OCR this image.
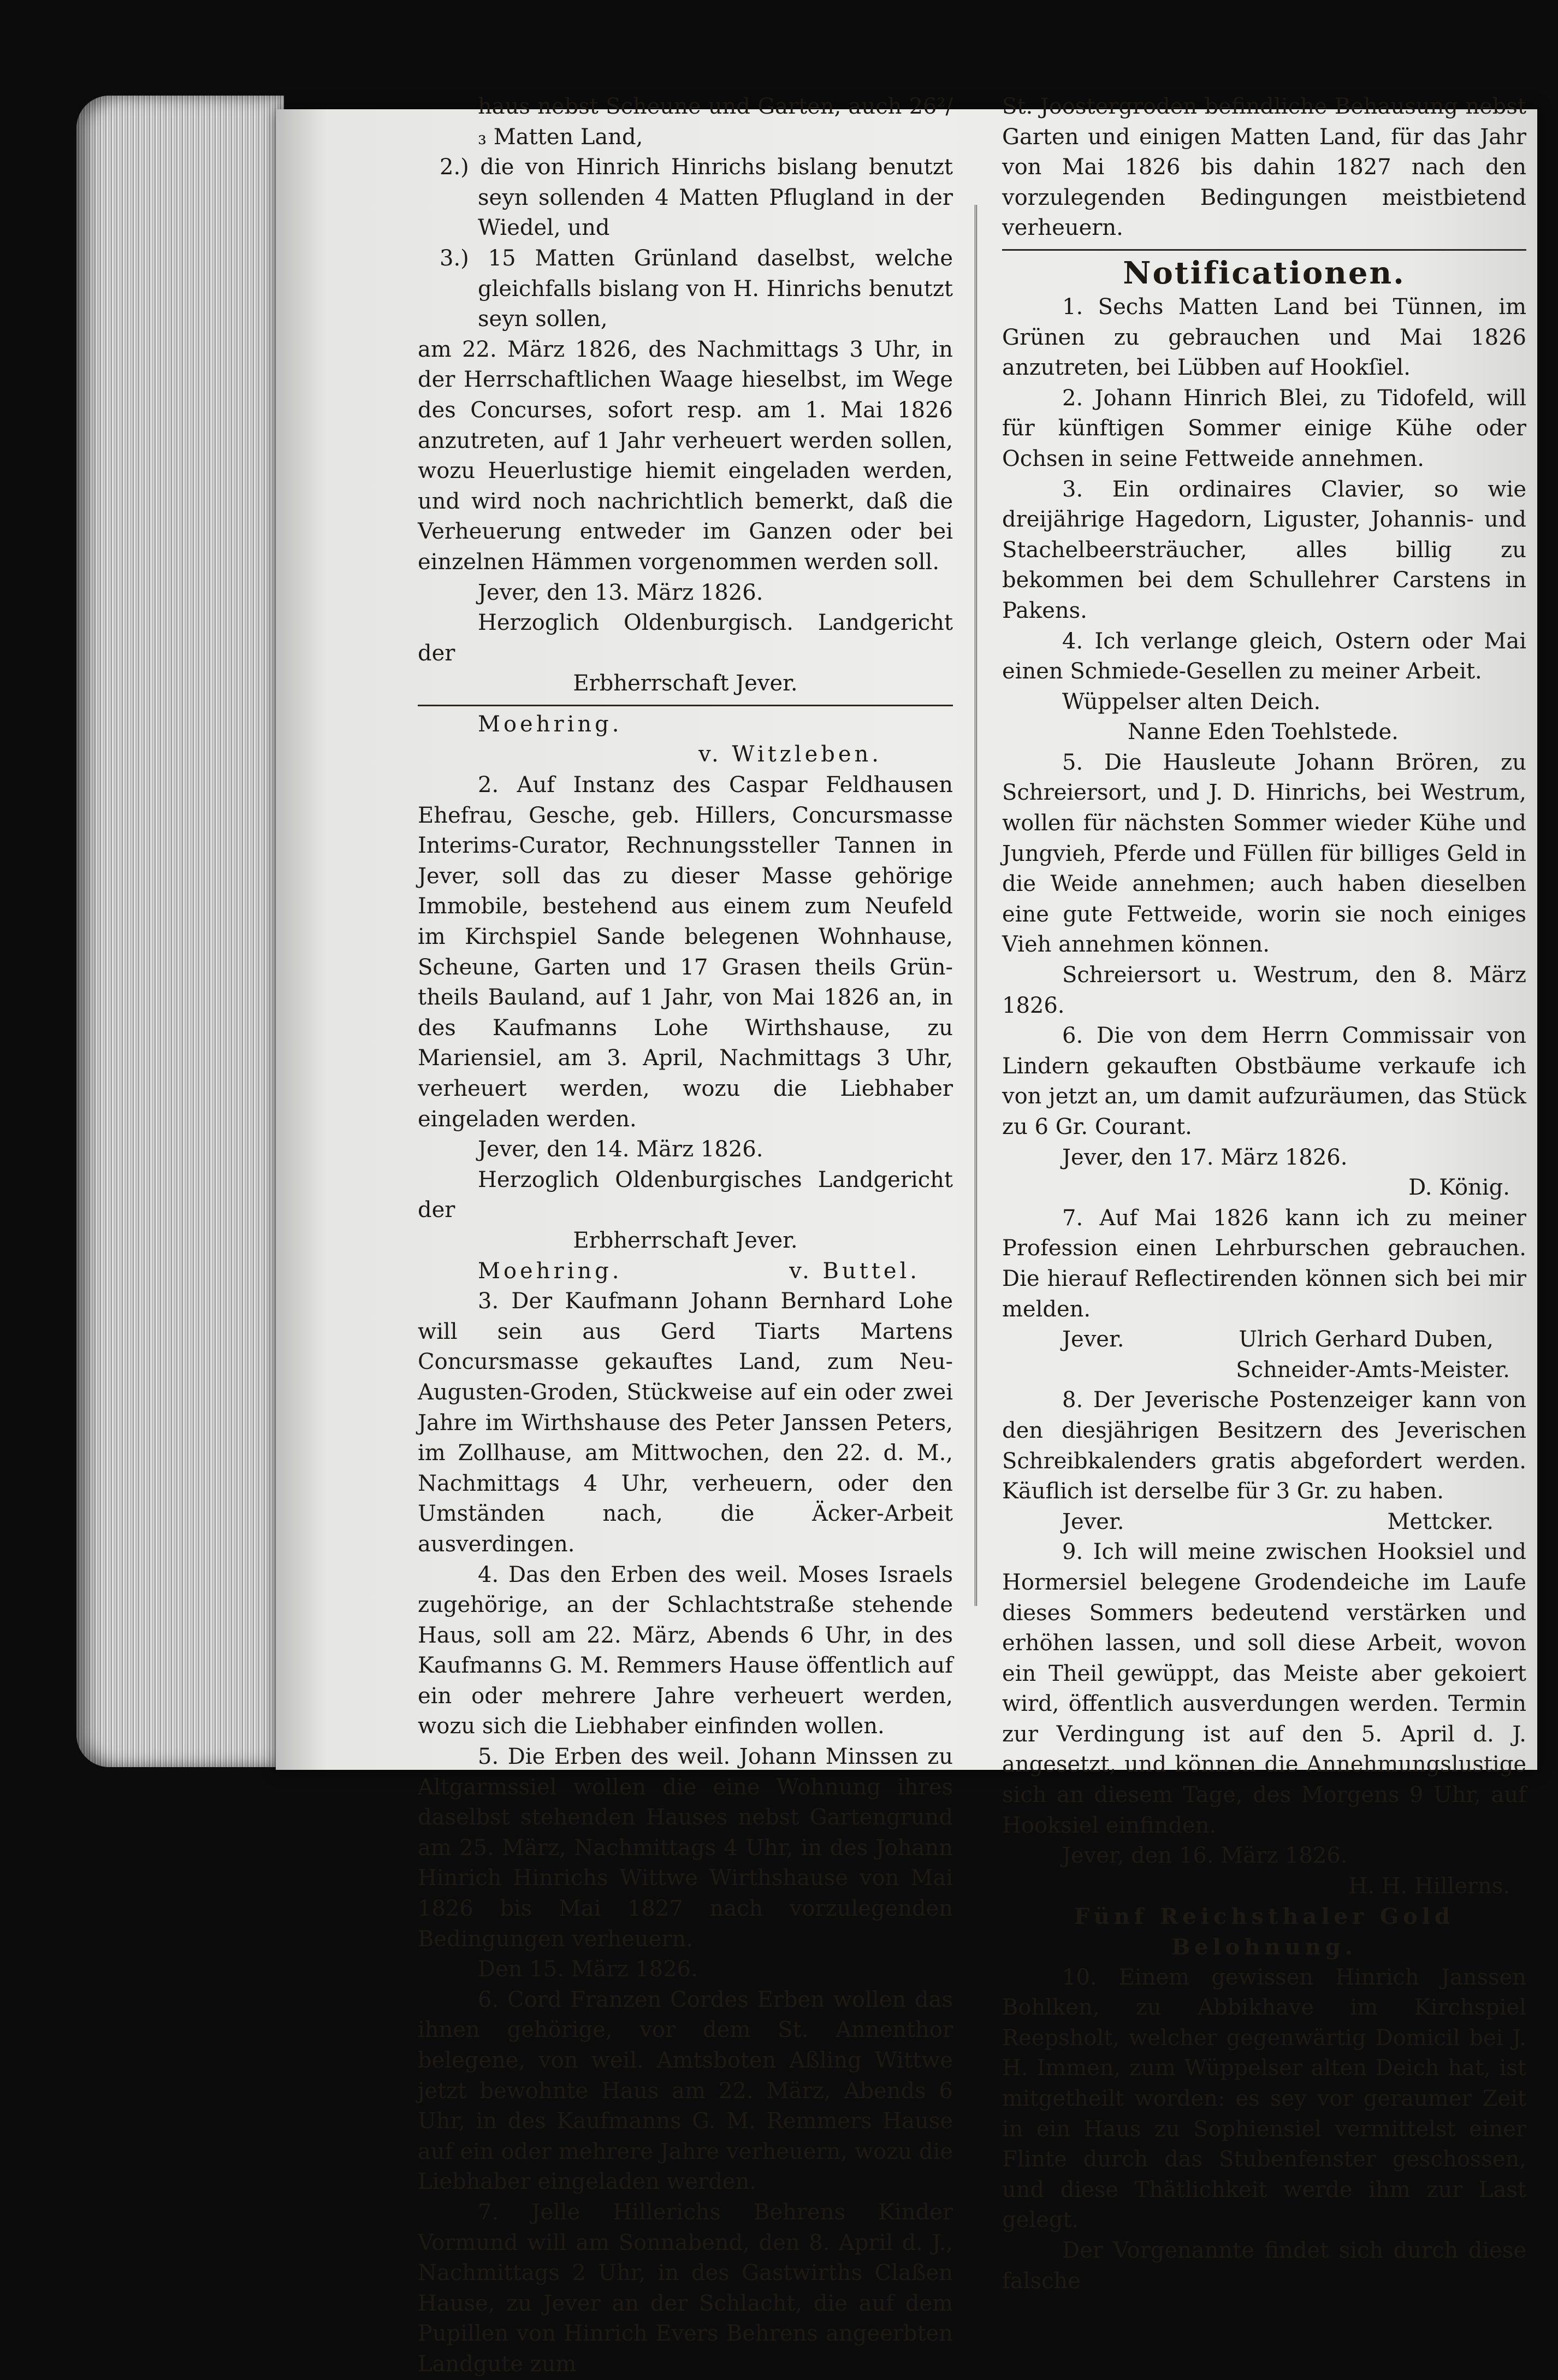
haus nebst Scheune und Garten, auch 26²/₃ Matten Land,

2.) die von Hinrich Hinrichs bislang benutzt seyn sollenden 4 Matten Pflugland in der Wiedel, und

3.) 15 Matten Grünland daselbst, welche gleichfalls bislang von H. Hinrichs benutzt seyn sollen,

am 22. März 1826, des Nachmittags 3 Uhr, in der Herrschaftlichen Waage hieselbst, im Wege des Concurses, sofort resp. am 1. Mai 1826 anzutreten, auf 1 Jahr verheuert werden sollen, wozu Heuerlustige hiemit eingeladen werden, und wird noch nachrichtlich bemerkt, daß die Verheuerung entweder im Ganzen oder bei einzelnen Hämmen vorgenommen werden soll.

Jever, den 13. März 1826.

Herzoglich Oldenburgisch. Landgericht der

Erbherrschaft Jever.

Moehring.

v. Witzleben.

2. Auf Instanz des Caspar Feldhausen Ehefrau, Gesche, geb. Hillers, Concursmasse Interims-Curator, Rechnungssteller Tannen in Jever, soll das zu dieser Masse gehörige Immobile, bestehend aus einem zum Neufeld im Kirchspiel Sande belegenen Wohnhause, Scheune, Garten und 17 Grasen theils Grün- theils Bauland, auf 1 Jahr, von Mai 1826 an, in des Kaufmanns Lohe Wirthshause, zu Mariensiel, am 3. April, Nachmittags 3 Uhr, verheuert werden, wozu die Liebhaber eingeladen werden.

Jever, den 14. März 1826.

Herzoglich Oldenburgisches Landgericht der

Erbherrschaft Jever.

Moehring.	v. Buttel.

3. Der Kaufmann Johann Bernhard Lohe will sein aus Gerd Tiarts Martens Concursmasse gekauftes Land, zum Neu-Augusten-Groden, Stückweise auf ein oder zwei Jahre im Wirthshause des Peter Janssen Peters, im Zollhause, am Mittwochen, den 22. d. M., Nachmittags 4 Uhr, verheuern, oder den Umständen nach, die Äcker-Arbeit ausverdingen.

4. Das den Erben des weil. Moses Israels zugehörige, an der Schlachtstraße stehende Haus, soll am 22. März, Abends 6 Uhr, in des Kaufmanns G. M. Remmers Hause öffentlich auf ein oder mehrere Jahre verheuert werden, wozu sich die Liebhaber einfinden wollen.

5. Die Erben des weil. Johann Minssen zu Altgarmssiel wollen die eine Wohnung ihres daselbst stehenden Hauses nebst Gartengrund am 25. März, Nachmittags 4 Uhr, in des Johann Hinrich Hinrichs Wittwe Wirthshause von Mai 1826 bis Mai 1827 nach vorzulegenden Bedingungen verheuern.

Den 15. März 1826.

6. Cord Franzen Cordes Erben wollen das ihnen gehörige, vor dem St. Annenthor belegene, von weil. Amtsboten Aßling Wittwe jetzt bewohnte Haus am 22. März, Abends 6 Uhr, in des Kaufmanns G. M. Remmers Hause auf ein oder mehrere Jahre verheuern, wozu die Liebhaber eingeladen werden.

7. Jelle Hillerichs Behrens Kinder Vormund will am Sonnabend, den 8. April d. J., Nachmittags 2 Uhr, in des Gastwirths Claßen Hause, zu Jever an der Schlacht, die auf dem Pupillen von Hinrich Evers Behrens angeerbten Landgute zum

St. Joostergroden befindliche Behausung nebst Garten und einigen Matten Land, für das Jahr von Mai 1826 bis dahin 1827 nach den vorzulegenden Bedingungen meistbietend verheuern.

Notificationen.

1. Sechs Matten Land bei Tünnen, im Grünen zu gebrauchen und Mai 1826 anzutreten, bei Lübben auf Hookſiel.

2. Johann Hinrich Blei, zu Tidofeld, will für künftigen Sommer einige Kühe oder Ochsen in seine Fettweide annehmen.

3. Ein ordinaires Clavier, so wie dreijährige Hagedorn, Liguster, Johannis- und Stachelbeersträucher, alles billig zu bekommen bei dem Schullehrer Carstens in Pakens.

4. Ich verlange gleich, Ostern oder Mai einen Schmiede-Gesellen zu meiner Arbeit.

Wüppelser alten Deich.

Nanne Eden Toehlstede.

5. Die Hausleute Johann Brören, zu Schreiersort, und J. D. Hinrichs, bei Westrum, wollen für nächsten Sommer wieder Kühe und Jungvieh, Pferde und Füllen für billiges Geld in die Weide annehmen; auch haben dieselben eine gute Fettweide, worin sie noch einiges Vieh annehmen können.

Schreiersort u. Westrum, den 8. März 1826.

6. Die von dem Herrn Commissair von Lindern gekauften Obstbäume verkaufe ich von jetzt an, um damit aufzuräumen, das Stück zu 6 Gr. Courant.

Jever, den 17. März 1826.

D. König.

7. Auf Mai 1826 kann ich zu meiner Profession einen Lehrburschen gebrauchen. Die hierauf Reflectirenden können sich bei mir melden.

Jever.	Ulrich Gerhard Duben,

Schneider-Amts-Meister.

8. Der Jeverische Postenzeiger kann von den diesjährigen Besitzern des Jeverischen Schreibkalenders gratis abgefordert werden. Käuflich ist derselbe für 3 Gr. zu haben.

Jever.	Mettcker.

9. Ich will meine zwischen Hooksiel und Hormersiel belegene Grodendeiche im Laufe dieses Sommers bedeutend verstärken und erhöhen lassen, und soll diese Arbeit, wovon ein Theil gewüppt, das Meiste aber gekoiert wird, öffentlich ausverdungen werden. Termin zur Verdingung ist auf den 5. April d. J. angesetzt, und können die Annehmungslustige sich an diesem Tage, des Morgens 9 Uhr, auf Hooksiel einfinden.

Jever, den 16. März 1826.

H. H. Hillerns.

Fünf Reichsthaler Gold Belohnung.

10. Einem gewissen Hinrich Janssen Bohlken, zu Abbikhave im Kirchspiel Reepsholt, welcher gegenwärtig Domicil bei J. H. Immen, zum Wüppelser alten Deich hat, ist mitgetheilt worden: es sey vor geraumer Zeit in ein Haus zu Sophiensiel vermittelst einer Flinte durch das Stubenfenster geschossen, und diese Thätlichkeit werde ihm zur Last gelegt.

Der Vorgenannte findet sich durch diese falsche
